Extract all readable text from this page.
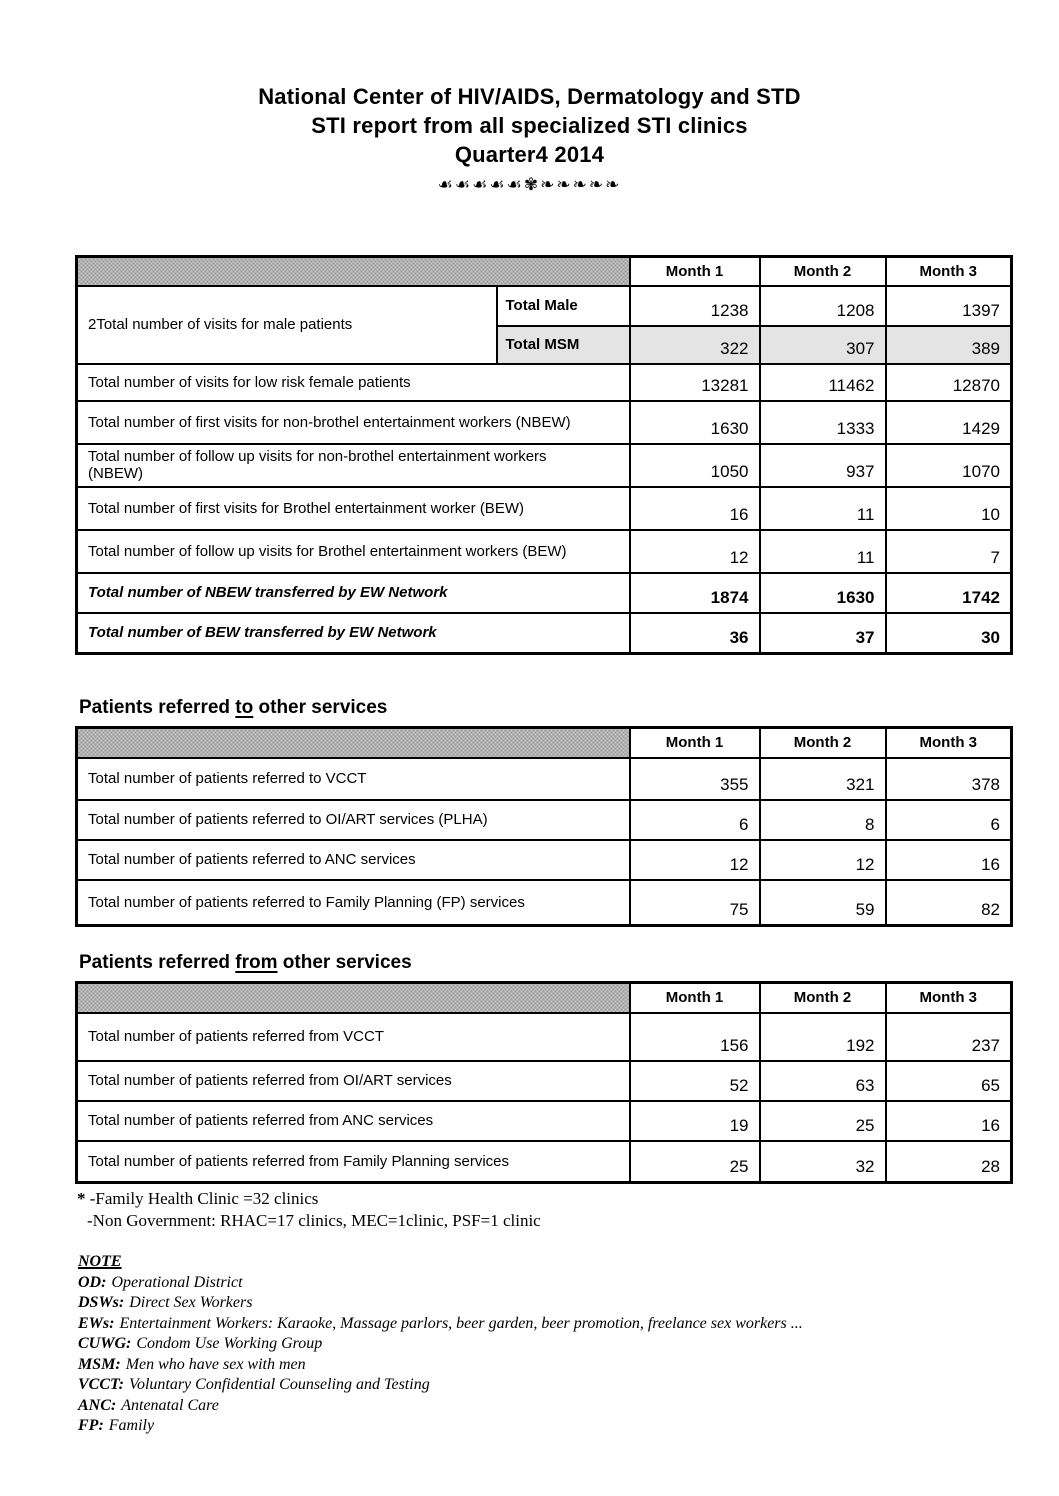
National Center of HIV/AIDS, Dermatology and STD
STI report from all specialized STI clinics
Quarter4 2014
☙☙☙☙☙✾❧❧❧❧❧
		Month 1	Month 2	Month 3
2Total number of visits for male patients	Total Male	1238	1208	1397
	Total MSM	322	307	389
Total number of visits for low risk female patients		13281	11462	12870
Total number of first visits for non-brothel entertainment workers (NBEW)		1630	1333	1429
Total number of follow up visits for non-brothel entertainment workers (NBEW)		1050	937	1070
Total number of first visits for Brothel entertainment worker (BEW)		16	11	10
Total number of follow up visits for Brothel entertainment workers (BEW)		12	11	7
Total number of NBEW transferred by EW Network		1874	1630	1742
Total number of BEW transferred by EW Network		36	37	30
Patients referred to other services
	Month 1	Month 2	Month 3
Total number of patients referred to VCCT	355	321	378
Total number of patients referred to OI/ART services (PLHA)	6	8	6
Total number of patients referred to ANC services	12	12	16
Total number of patients referred to Family Planning (FP) services	75	59	82
Patients referred from other services
	Month 1	Month 2	Month 3
Total number of patients referred from VCCT	156	192	237
Total number of patients referred from OI/ART services	52	63	65
Total number of patients referred from ANC services	19	25	16
Total number of patients referred from Family Planning services	25	32	28
* -Family Health Clinic =32 clinics
-Non Government: RHAC=17 clinics, MEC=1clinic, PSF=1 clinic
NOTE
OD: Operational District
DSWs: Direct Sex Workers
EWs: Entertainment Workers: Karaoke, Massage parlors, beer garden, beer promotion, freelance sex workers ...
CUWG: Condom Use Working Group
MSM: Men who have sex with men
VCCT: Voluntary Confidential Counseling and Testing
ANC: Antenatal Care
FP: Family
